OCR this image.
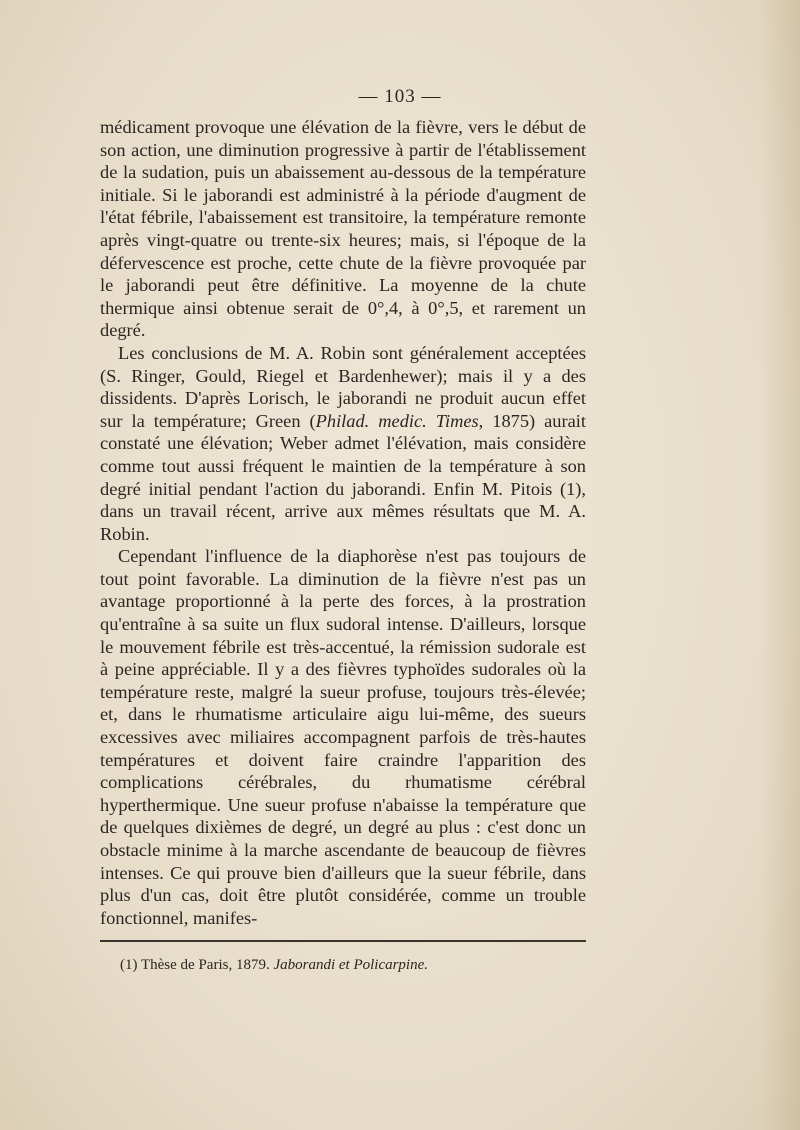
— 103 —

médicament provoque une élévation de la fièvre, vers le début de son action, une diminution progressive à partir de l'établissement de la sudation, puis un abaissement au-dessous de la température initiale. Si le jaborandi est administré à la période d'augment de l'état fébrile, l'abaissement est transitoire, la température remonte après vingt-quatre ou trente-six heures; mais, si l'époque de la défervescence est proche, cette chute de la fièvre provoquée par le jaborandi peut être définitive. La moyenne de la chute thermique ainsi obtenue serait de 0°,4, à 0°,5, et rarement un degré.

Les conclusions de M. A. Robin sont généralement acceptées (S. Ringer, Gould, Riegel et Bardenhewer); mais il y a des dissidents. D'après Lorisch, le jaborandi ne produit aucun effet sur la température; Green (Philad. medic. Times, 1875) aurait constaté une élévation; Weber admet l'élévation, mais considère comme tout aussi fréquent le maintien de la température à son degré initial pendant l'action du jaborandi. Enfin M. Pitois (1), dans un travail récent, arrive aux mêmes résultats que M. A. Robin.

Cependant l'influence de la diaphorèse n'est pas toujours de tout point favorable. La diminution de la fièvre n'est pas un avantage proportionné à la perte des forces, à la prostration qu'entraîne à sa suite un flux sudoral intense. D'ailleurs, lorsque le mouvement fébrile est très-accentué, la rémission sudorale est à peine appréciable. Il y a des fièvres typhoïdes sudorales où la température reste, malgré la sueur profuse, toujours très-élevée; et, dans le rhumatisme articulaire aigu lui-même, des sueurs excessives avec miliaires accompagnent parfois de très-hautes températures et doivent faire craindre l'apparition des complications cérébrales, du rhumatisme cérébral hyperthermique. Une sueur profuse n'abaisse la température que de quelques dixièmes de degré, un degré au plus : c'est donc un obstacle minime à la marche ascendante de beaucoup de fièvres intenses. Ce qui prouve bien d'ailleurs que la sueur fébrile, dans plus d'un cas, doit être plutôt considérée, comme un trouble fonctionnel, manifes-

(1) Thèse de Paris, 1879. Jaborandi et Policarpine.
